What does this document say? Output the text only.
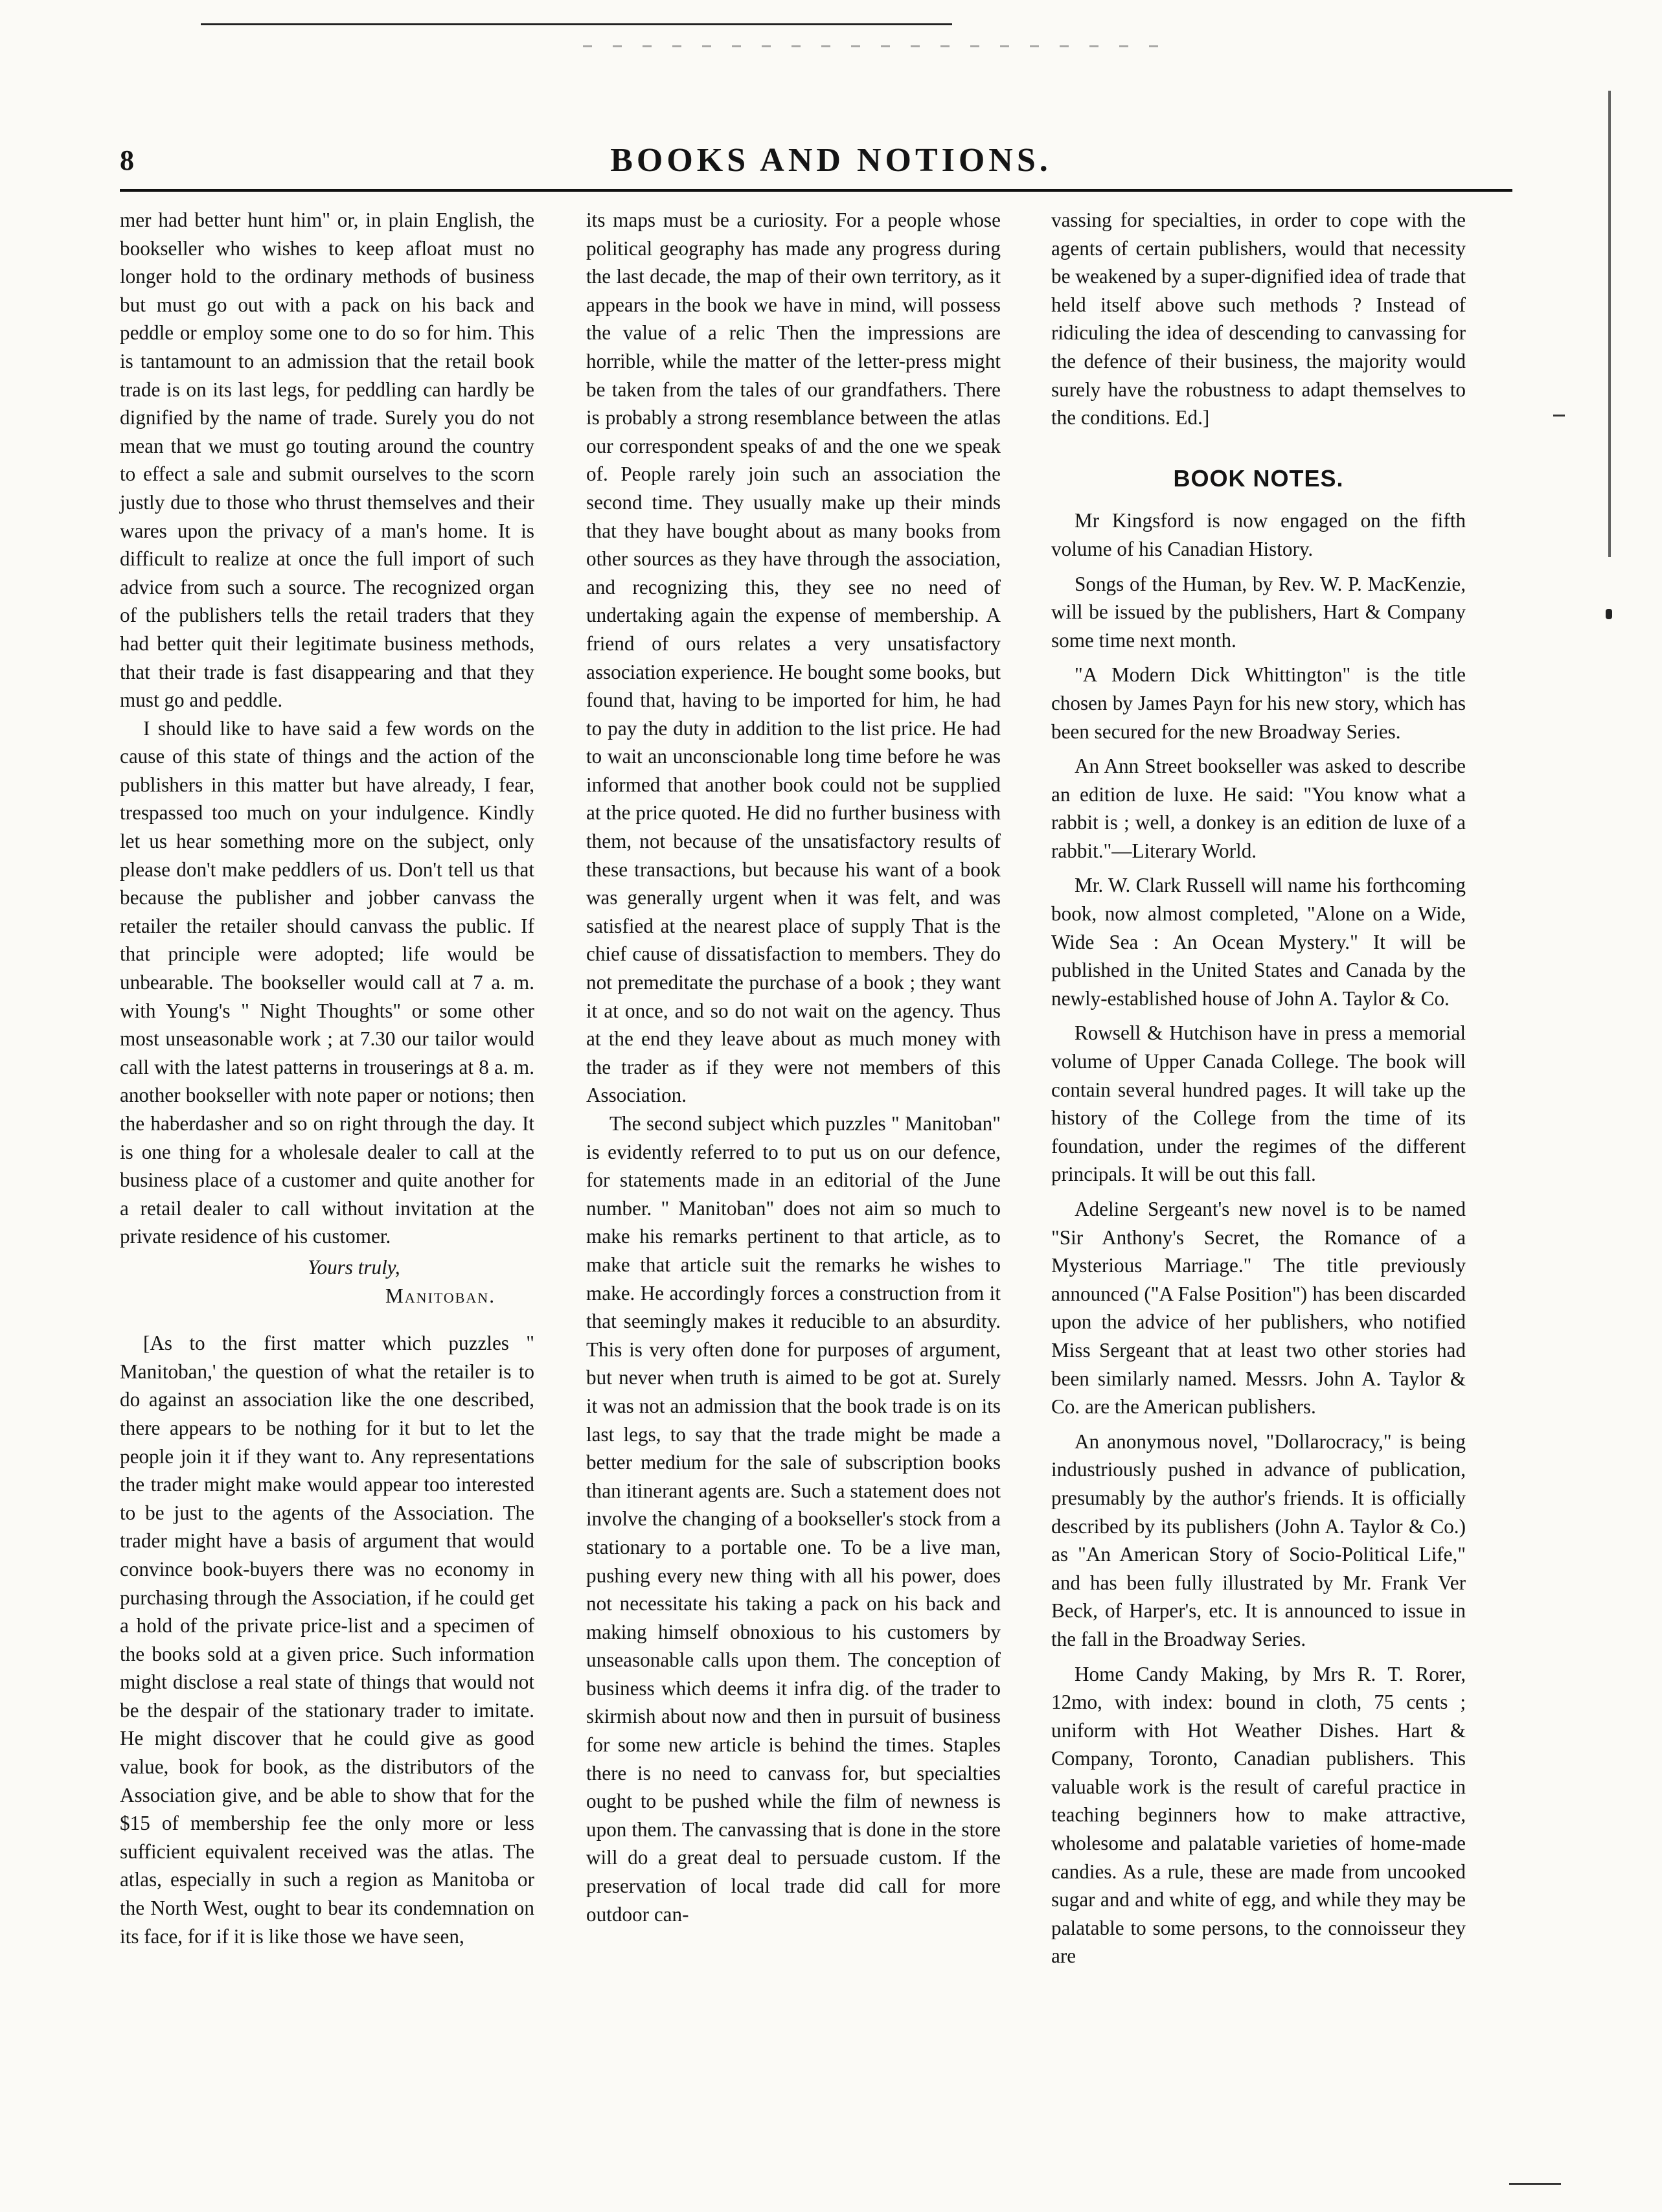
8	BOOKS AND NOTIONS.

mer had better hunt him" or, in plain English, the bookseller who wishes to keep afloat must no longer hold to the ordinary methods of business but must go out with a pack on his back and peddle or employ some one to do so for him. This is tantamount to an admission that the retail book trade is on its last legs, for peddling can hardly be dignified by the name of trade. Surely you do not mean that we must go touting around the country to effect a sale and submit ourselves to the scorn justly due to those who thrust themselves and their wares upon the privacy of a man's home. It is difficult to realize at once the full import of such advice from such a source. The recognized organ of the publishers tells the retail traders that they had better quit their legitimate business methods, that their trade is fast disappearing and that they must go and peddle.

I should like to have said a few words on the cause of this state of things and the action of the publishers in this matter but have already, I fear, trespassed too much on your indulgence. Kindly let us hear something more on the subject, only please don't make peddlers of us. Don't tell us that because the publisher and jobber canvass the retailer the retailer should canvass the public. If that principle were adopted; life would be unbearable. The bookseller would call at 7 a. m. with Young's " Night Thoughts" or some other most unseasonable work ; at 7.30 our tailor would call with the latest patterns in trouserings at 8 a. m. another bookseller with note paper or notions; then the haberdasher and so on right through the day. It is one thing for a wholesale dealer to call at the business place of a customer and quite another for a retail dealer to call without invitation at the private residence of his customer.

Yours truly,
Manitoban.

[As to the first matter which puzzles " Manitoban,' the question of what the retailer is to do against an association like the one described, there appears to be nothing for it but to let the people join it if they want to. Any representations the trader might make would appear too interested to be just to the agents of the Association. The trader might have a basis of argument that would convince book-buyers there was no economy in purchasing through the Association, if he could get a hold of the private price-list and a specimen of the books sold at a given price. Such information might disclose a real state of things that would not be the despair of the stationary trader to imitate. He might discover that he could give as good value, book for book, as the distributors of the Association give, and be able to show that for the $15 of membership fee the only more or less sufficient equivalent received was the atlas. The atlas, especially in such a region as Manitoba or the North West, ought to bear its condemnation on its face, for if it is like those we have seen,

its maps must be a curiosity. For a people whose political geography has made any progress during the last decade, the map of their own territory, as it appears in the book we have in mind, will possess the value of a relic Then the impressions are horrible, while the matter of the letter-press might be taken from the tales of our grandfathers. There is probably a strong resemblance between the atlas our correspondent speaks of and the one we speak of. People rarely join such an association the second time. They usually make up their minds that they have bought about as many books from other sources as they have through the association, and recognizing this, they see no need of undertaking again the expense of membership. A friend of ours relates a very unsatisfactory association experience. He bought some books, but found that, having to be imported for him, he had to pay the duty in addition to the list price. He had to wait an unconscionable long time before he was informed that another book could not be supplied at the price quoted. He did no further business with them, not because of the unsatisfactory results of these transactions, but because his want of a book was generally urgent when it was felt, and was satisfied at the nearest place of supply That is the chief cause of dissatisfaction to members. They do not premeditate the purchase of a book ; they want it at once, and so do not wait on the agency. Thus at the end they leave about as much money with the trader as if they were not members of this Association.

The second subject which puzzles " Manitoban" is evidently referred to to put us on our defence, for statements made in an editorial of the June number. " Manitoban" does not aim so much to make his remarks pertinent to that article, as to make that article suit the remarks he wishes to make. He accordingly forces a construction from it that seemingly makes it reducible to an absurdity. This is very often done for purposes of argument, but never when truth is aimed to be got at. Surely it was not an admission that the book trade is on its last legs, to say that the trade might be made a better medium for the sale of subscription books than itinerant agents are. Such a statement does not involve the changing of a bookseller's stock from a stationary to a portable one. To be a live man, pushing every new thing with all his power, does not necessitate his taking a pack on his back and making himself obnoxious to his customers by unseasonable calls upon them. The conception of business which deems it infra dig. of the trader to skirmish about now and then in pursuit of business for some new article is behind the times. Staples there is no need to canvass for, but specialties ought to be pushed while the film of newness is upon them. The canvassing that is done in the store will do a great deal to persuade custom. If the preservation of local trade did call for more outdoor can-

vassing for specialties, in order to cope with the agents of certain publishers, would that necessity be weakened by a super-dignified idea of trade that held itself above such methods ? Instead of ridiculing the idea of descending to canvassing for the defence of their business, the majority would surely have the robustness to adapt themselves to the conditions. Ed.]

BOOK NOTES.

Mr Kingsford is now engaged on the fifth volume of his Canadian History.

Songs of the Human, by Rev. W. P. MacKenzie, will be issued by the publishers, Hart & Company some time next month.

"A Modern Dick Whittington" is the title chosen by James Payn for his new story, which has been secured for the new Broadway Series.

An Ann Street bookseller was asked to describe an edition de luxe. He said: "You know what a rabbit is ; well, a donkey is an edition de luxe of a rabbit."—Literary World.

Mr. W. Clark Russell will name his forthcoming book, now almost completed, "Alone on a Wide, Wide Sea : An Ocean Mystery." It will be published in the United States and Canada by the newly-established house of John A. Taylor & Co.

Rowsell & Hutchison have in press a memorial volume of Upper Canada College. The book will contain several hundred pages. It will take up the history of the College from the time of its foundation, under the regimes of the different principals. It will be out this fall.

Adeline Sergeant's new novel is to be named "Sir Anthony's Secret, the Romance of a Mysterious Marriage." The title previously announced ("A False Position") has been discarded upon the advice of her publishers, who notified Miss Sergeant that at least two other stories had been similarly named. Messrs. John A. Taylor & Co. are the American publishers.

An anonymous novel, "Dollarocracy," is being industriously pushed in advance of publication, presumably by the author's friends. It is officially described by its publishers (John A. Taylor & Co.) as "An American Story of Socio-Political Life," and has been fully illustrated by Mr. Frank Ver Beck, of Harper's, etc. It is announced to issue in the fall in the Broadway Series.

Home Candy Making, by Mrs R. T. Rorer, 12mo, with index: bound in cloth, 75 cents ; uniform with Hot Weather Dishes. Hart & Company, Toronto, Canadian publishers. This valuable work is the result of careful practice in teaching beginners how to make attractive, wholesome and palatable varieties of home-made candies. As a rule, these are made from uncooked sugar and and white of egg, and while they may be palatable to some persons, to the connoisseur they are
